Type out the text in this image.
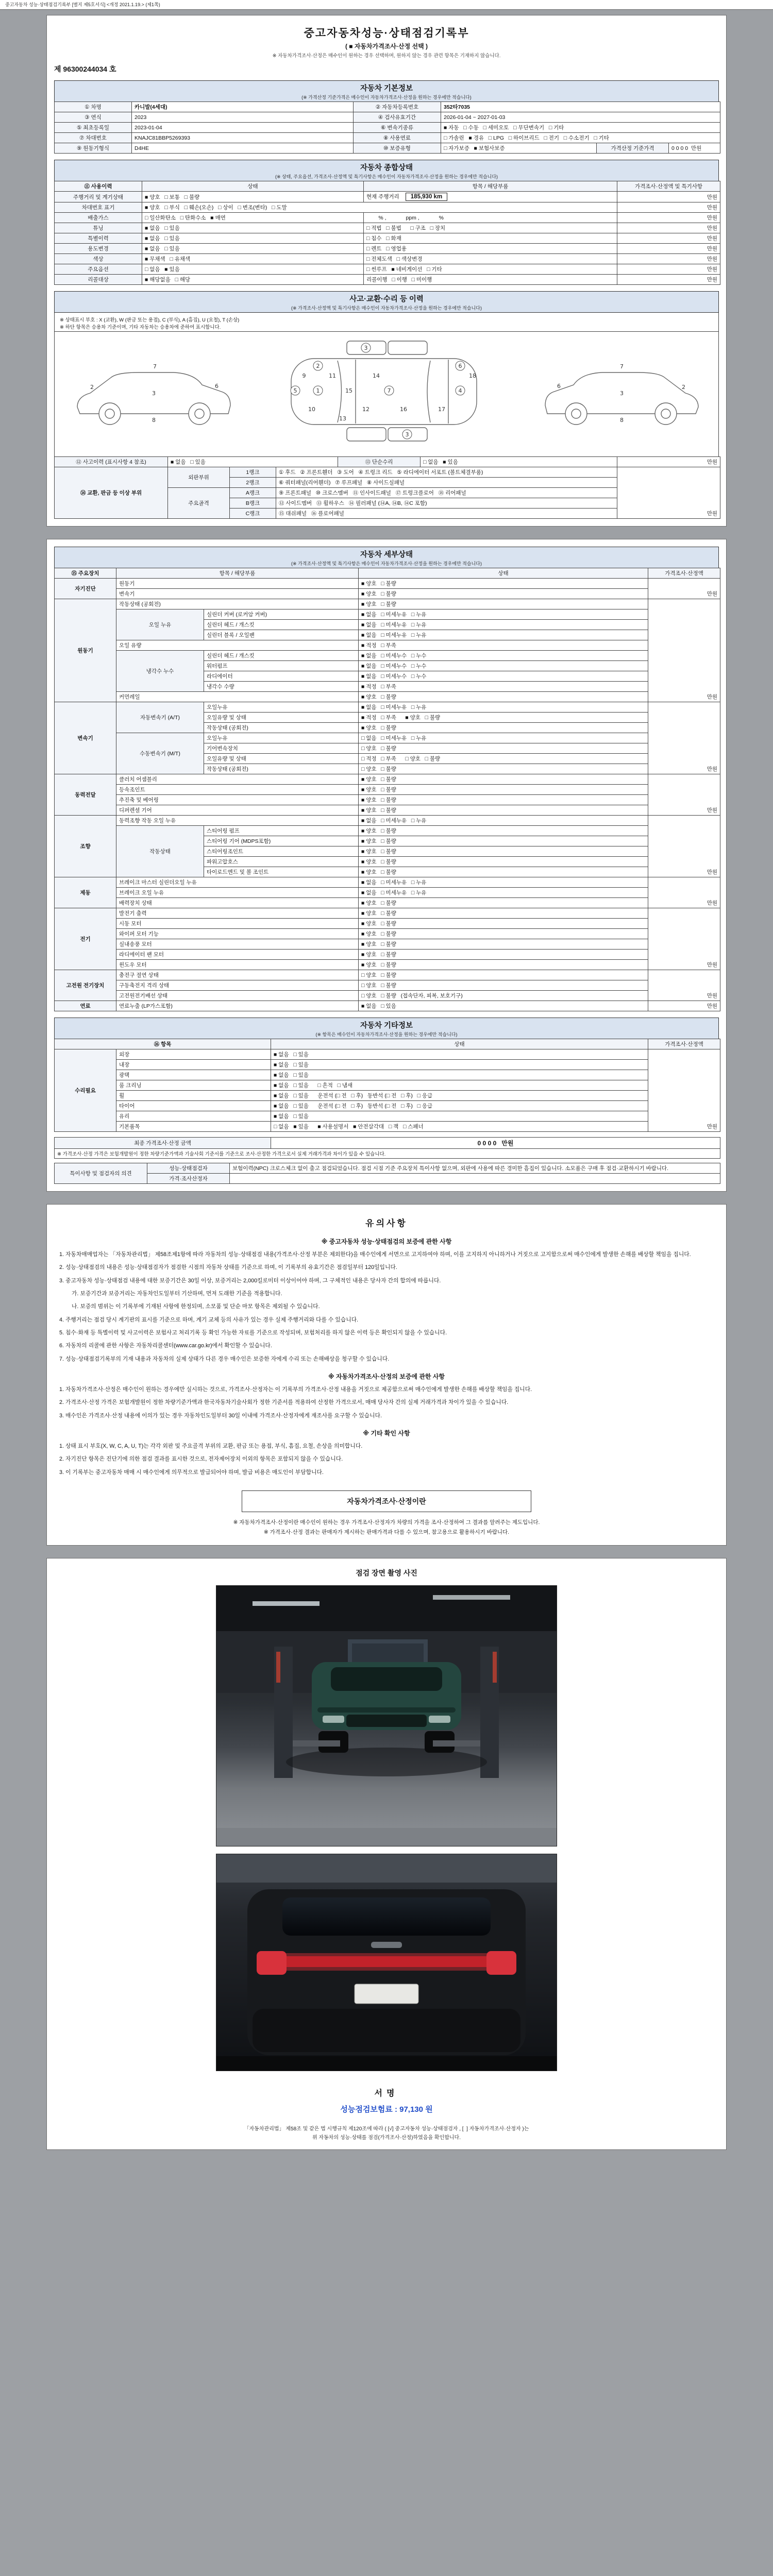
중고자동차 성능·상태점검기록부 [별지 제5호서식] <개정 2021.1.19.> (제1쪽)
중고자동차성능·상태점검기록부
( ■ 자동차가격조사·산정 선택 )
※ 자동차가격조사·산정은 매수인이 원하는 경우 선택하며, 원하지 않는 경우 관련 항목은 기재하지 않습니다.
제 96300244034 호
자동차 기본정보
(※ 가격산정 기준가격은 매수인이 자동차가격조사·산정을 원하는 경우에만 적습니다)
① 차명	카니발(4세대)	② 자동차등록번호	352타7035		
③ 연식	2023	④ 검사유효기간	2026-01-04 ~ 2027-01-03		
⑤ 최초등록일	2023-01-04	⑥ 변속기종류	■ 자동   □ 수동   □ 세미오토   □ 무단변속기   □ 기타		
⑦ 차대번호	KNAJC81BBP5269393	⑧ 사용연료	□ 가솔린   ■ 경유   □ LPG   □ 하이브리드   □ 전기   □ 수소전기   □ 기타		
⑨ 원동기형식	D4HE	⑩ 보증유형	□ 자가보증   ■ 보험사보증	가격산정 기준가격	0 0 0 0  만원
자동차 종합상태
(※ 상태, 주요옵션, 가격조사·산정액 및 특기사항은 매수인이 자동차가격조사·산정을 원하는 경우에만 적습니다)
⑪ 사용이력	상태	항목 / 해당부품	가격조사·산정액 및 특기사항
주행거리 및 계기상태	■ 양호   □ 보통   □ 불량	현재 주행거리 185,930 km	만원
차대번호 표기	■ 양호   □ 부식   □ 훼손(오손)   □ 상이   □ 변조(변타)   □ 도말		만원
배출가스	□ 일산화탄소   □ 탄화수소   ■ 매연	% ,             ppm ,             %	만원
튜닝	■ 없음   □ 있음	□ 적법   □ 불법      □ 구조   □ 장치	만원
특별이력	■ 없음   □ 있음	□ 침수   □ 화재	만원
용도변경	■ 없음   □ 있음	□ 렌트   □ 영업용	만원
색상	■ 무채색   □ 유채색	□ 전체도색   □ 색상변경	만원
주요옵션	□ 없음   ■ 있음	□ 썬루프   ■ 네비게이션   □ 기타	만원
리콜대상	■ 해당없음   □ 해당	리콜이행   □ 이행   □ 미이행	만원
사고·교환·수리 등 이력
(※ 가격조사·산정액 및 특기사항은 매수인이 자동차가격조사·산정을 원하는 경우에만 적습니다)
※ 상태표시 부호 : X (교환), W (판금 또는 용접), C (부식), A (흠집), U (요철), T (손상)
※ 하단 항목은 승용차 기준이며, 기타 자동차는 승용차에 준하여 표시합니다.
2
3
6
7
8
1	7	4
5
3
3
2	6
9
10
11
12
13
14
15
16	17
18
2
3
6
7
8
⑫ 사고이력 (표시사항 4 참조)	■ 없음   □ 있음	⑬ 단순수리	□ 없음   ■ 있음	만원
⑭ 교환, 판금 등 이상 부위	외판부위	1랭크	① 후드   ② 프론트휀더   ③ 도어   ④ 트렁크 리드   ⑤ 라디에이터 서포트 (볼트체결부품)	만원
		2랭크	⑥ 쿼터패널(리어휀더)   ⑦ 루프패널   ⑧ 사이드실패널	
	주요골격	A랭크	⑨ 프론트패널   ⑩ 크로스멤버   ⑪ 인사이드패널   ⑰ 트렁크플로어   ⑱ 리어패널	
		B랭크	⑫ 사이드멤버   ⑬ 휠하우스   ⑭ 필러패널 (⑭A, ⑭B, ⑭C 포함)	
		C랭크	⑮ 대쉬패널   ⑯ 플로어패널	
자동차 세부상태
(※ 가격조사·산정액 및 특기사항은 매수인이 자동차가격조사·산정을 원하는 경우에만 적습니다)
⑮ 주요장치	항목 / 해당부품		상태	가격조사·산정액
자기진단	원동기		■ 양호   □ 불량	만원
	변속기		■ 양호   □ 불량	
원동기	작동상태 (공회전)		■ 양호   □ 불량	만원
	오일 누유	실린더 커버 (로커암 커버)	■ 없음   □ 미세누유   □ 누유	
		실린더 헤드 / 개스킷	■ 없음   □ 미세누유   □ 누유	
		실린더 블록 / 오일팬	■ 없음   □ 미세누유   □ 누유	
	오일 유량		■ 적정   □ 부족	
	냉각수 누수	실린더 헤드 / 개스킷	■ 없음   □ 미세누수   □ 누수	
		워터펌프	■ 없음   □ 미세누수   □ 누수	
		라디에이터	■ 없음   □ 미세누수   □ 누수	
		냉각수 수량	■ 적정   □ 부족	
	커먼레일		■ 양호   □ 불량	
변속기	자동변속기 (A/T)	오일누유	■ 없음   □ 미세누유   □ 누유	만원
		오일유량 및 상태	■ 적정   □ 부족      ■ 양호   □ 불량	
		작동상태 (공회전)	■ 양호   □ 불량	
	수동변속기 (M/T)	오일누유	□ 없음   □ 미세누유   □ 누유	
		기어변속장치	□ 양호   □ 불량	
		오일유량 및 상태	□ 적정   □ 부족      □ 양호   □ 불량	
		작동상태 (공회전)	□ 양호   □ 불량	
동력전달	클러치 어셈블리		■ 양호   □ 불량	만원
	등속조인트		■ 양호   □ 불량	
	추진축 및 베어링		■ 양호   □ 불량	
	디퍼렌셜 기어		■ 양호   □ 불량	
조향	동력조향 작동 오일 누유		■ 없음   □ 미세누유   □ 누유	만원
	작동상태	스티어링 펌프	■ 양호   □ 불량	
		스티어링 기어 (MDPS포함)	■ 양호   □ 불량	
		스티어링조인트	■ 양호   □ 불량	
		파워고압호스	■ 양호   □ 불량	
		타이로드엔드 및 볼 조인트	■ 양호   □ 불량	
제동	브레이크 마스터 실린더오일 누유		■ 없음   □ 미세누유   □ 누유	만원
	브레이크 오일 누유		■ 없음   □ 미세누유   □ 누유	
	배력장치 상태		■ 양호   □ 불량	
전기	발전기 출력		■ 양호   □ 불량	만원
	시동 모터		■ 양호   □ 불량	
	와이퍼 모터 기능		■ 양호   □ 불량	
	실내송풍 모터		■ 양호   □ 불량	
	라디에이터 팬 모터		■ 양호   □ 불량	
	윈도우 모터		■ 양호   □ 불량	
고전원 전기장치	충전구 절연 상태		□ 양호   □ 불량	만원
	구동축전지 격리 상태		□ 양호   □ 불량	
	고전원전기배선 상태		□ 양호   □ 불량   (접속단자, 피복, 보호기구)	
연료	연료누출 (LP가스포함)		■ 없음   □ 있음	만원
자동차 기타정보
(※ 항목은 매수인이 자동차가격조사·산정을 원하는 경우에만 적습니다)
⑯ 항목		상태	가격조사·산정액
수리필요	외장	■ 없음   □ 있음	만원
	내장	■ 없음   □ 있음	
	광택	■ 없음   □ 있음	
	룸 크리닝	■ 없음   □ 있음      □ 흔적   □ 냄새	
	휠	■ 없음   □ 있음      운전석 (□ 전   □ 후)   동반석 (□ 전   □ 후)   □ 응급	
	타이어	■ 없음   □ 있음      운전석 (□ 전   □ 후)   동반석 (□ 전   □ 후)   □ 응급	
	유리	■ 없음   □ 있음	
	기본품목	□ 없음   ■ 있음      ■ 사용설명서   ■ 안전삼각대   □ 잭   □ 스패너	
최종 가격조사·산정 금액	0 0 0 0   만원
※ 가격조사·산정 가격은 보험개발원이 정한 차량기준가액과 기술사회 기준서를 기준으로 조사·산정한 가격으로서 실제 거래가격과 차이가 있을 수 있습니다.
특이사항 및 점검자의 의견	성능·상태점검자	보험이력(NPC) 크로스체크 없이 출고 점검되었습니다. 점검 시점 기준 주요장치 특이사항 없으며, 외판에 사용에 따른 경미한 흠집이 있습니다. 소모품은 구매 후 점검·교환하시기 바랍니다.
	가격·조사산정자	
유의사항
※ 중고자동차 성능·상태점검의 보증에 관한 사항
1. 자동차매매업자는 「자동차관리법」 제58조제1항에 따라 자동차의 성능·상태점검 내용(가격조사·산정 부분은 제외한다)을 매수인에게 서면으로 고지하여야 하며, 이를 고지하지 아니하거나 거짓으로 고지함으로써 매수인에게 발생한 손해를 배상할 책임을 집니다.
2. 성능·상태점검의 내용은 성능·상태점검자가 점검한 시점의 자동차 상태를 기준으로 하며, 이 기록부의 유효기간은 점검일부터 120일입니다.
3. 중고자동차 성능·상태점검 내용에 대한 보증기간은 30일 이상, 보증거리는 2,000킬로미터 이상이어야 하며, 그 구체적인 내용은 당사자 간의 합의에 따릅니다.
가. 보증기간과 보증거리는 자동차인도일부터 기산하며, 먼저 도래한 기준을 적용합니다.
나. 보증의 범위는 이 기록부에 기재된 사항에 한정되며, 소모품 및 단순 마모 항목은 제외될 수 있습니다.
4. 주행거리는 점검 당시 계기판의 표시를 기준으로 하며, 계기 교체 등의 사유가 있는 경우 실제 주행거리와 다를 수 있습니다.
5. 침수·화재 등 특별이력 및 사고이력은 보험사고 처리기록 등 확인 가능한 자료를 기준으로 작성되며, 보험처리를 하지 않은 이력 등은 확인되지 않을 수 있습니다.
6. 자동차의 리콜에 관한 사항은 자동차리콜센터(www.car.go.kr)에서 확인할 수 있습니다.
7. 성능·상태점검기록부의 기재 내용과 자동차의 실제 상태가 다른 경우 매수인은 보증한 자에게 수리 또는 손해배상을 청구할 수 있습니다.
※ 자동차가격조사·산정의 보증에 관한 사항
1. 자동차가격조사·산정은 매수인이 원하는 경우에만 실시하는 것으로, 가격조사·산정자는 이 기록부의 가격조사·산정 내용을 거짓으로 제공함으로써 매수인에게 발생한 손해를 배상할 책임을 집니다.
2. 가격조사·산정 가격은 보험개발원이 정한 차량기준가액과 한국자동차기술사회가 정한 기준서를 적용하여 산정한 가격으로서, 매매 당사자 간의 실제 거래가격과 차이가 있을 수 있습니다.
3. 매수인은 가격조사·산정 내용에 이의가 있는 경우 자동차인도일부터 30일 이내에 가격조사·산정자에게 재조사를 요구할 수 있습니다.
※ 기타 확인 사항
1. 상태 표시 부호(X, W, C, A, U, T)는 각각 외판 및 주요골격 부위의 교환, 판금 또는 용접, 부식, 흠집, 요철, 손상을 의미합니다.
2. 자기진단 항목은 진단기에 의한 점검 결과를 표시한 것으로, 전자제어장치 이외의 항목은 포함되지 않을 수 있습니다.
3. 이 기록부는 중고자동차 매매 시 매수인에게 의무적으로 발급되어야 하며, 발급 비용은 매도인이 부담합니다.
자동차가격조사·산정이란
※ 자동차가격조사·산정이란 매수인이 원하는 경우 가격조사·산정자가 차량의 가격을 조사·산정하여 그 결과를 알려주는 제도입니다.
※ 가격조사·산정 결과는 판매자가 제시하는 판매가격과 다를 수 있으며, 참고용으로 활용하시기 바랍니다.
점검 장면 촬영 사진
서명
성능점검보험료 : 97,130 원
「자동차관리법」 제58조 및 같은 법 시행규칙 제120조에 따라 ( [√] 중고자동차 성능·상태점검자 , [  ] 자동차가격조사·산정자 )는
위 자동차의 성능·상태를 점검(가격조사·산정)하였음을 확인합니다.
